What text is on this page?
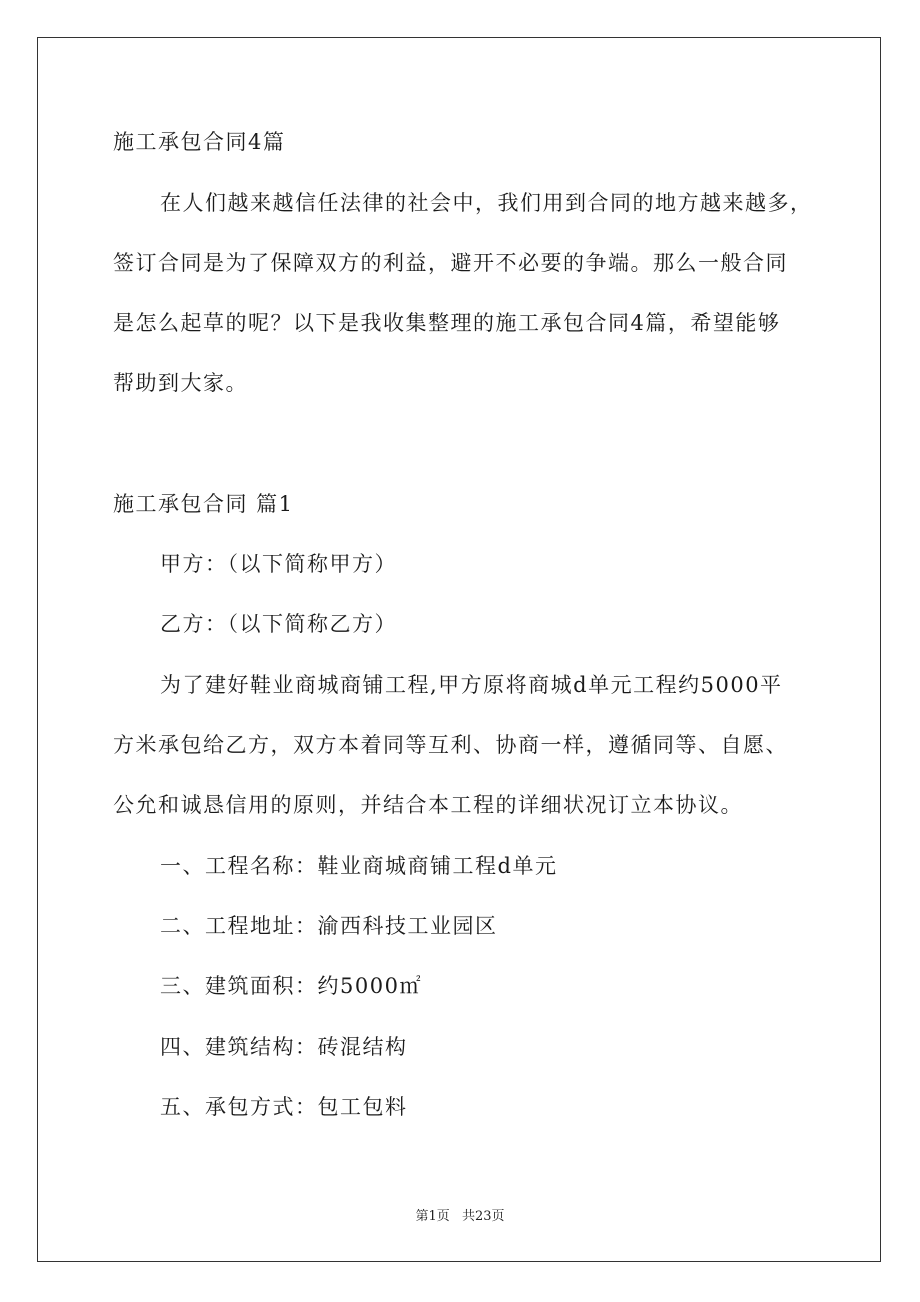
施工承包合同4篇
在人们越来越信任法律的社会中，我们用到合同的地方越来越多，
签订合同是为了保障双方的利益，避开不必要的争端。那么一般合同
是怎么起草的呢？以下是我收集整理的施工承包合同4篇，希望能够
帮助到大家。
施工承包合同 篇1
甲方：（以下简称甲方）
乙方：（以下简称乙方）
为了建好鞋业商城商铺工程,甲方原将商城d单元工程约5000平
方米承包给乙方，双方本着同等互利、协商一样，遵循同等、自愿、
公允和诚恳信用的原则，并结合本工程的详细状况订立本协议。
一、工程名称：鞋业商城商铺工程d单元
二、工程地址：渝西科技工业园区
三、建筑面积：约5000㎡
四、建筑结构：砖混结构
五、承包方式：包工包料
第1页 共23页
